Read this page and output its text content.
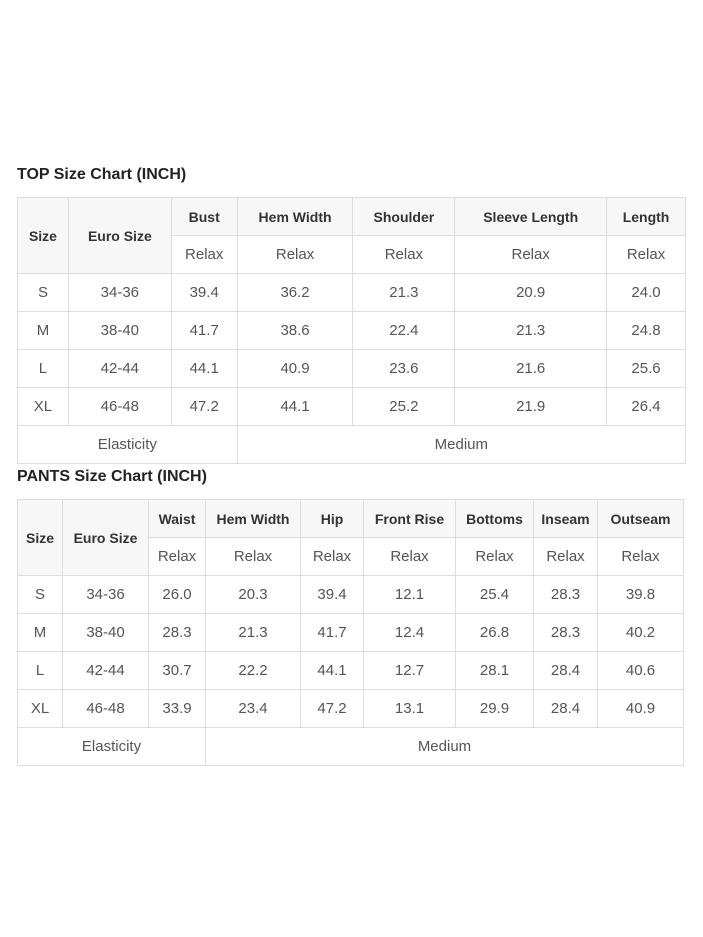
TOP Size Chart (INCH)
Size	Euro Size	Bust	Hem Width	Shoulder	Sleeve Length	Length
		Relax	Relax	Relax	Relax	Relax
S	34-36	39.4	36.2	21.3	20.9	24.0
M	38-40	41.7	38.6	22.4	21.3	24.8
L	42-44	44.1	40.9	23.6	21.6	25.6
XL	46-48	47.2	44.1	25.2	21.9	26.4
Elasticity			Medium			
PANTS Size Chart (INCH)
Size	Euro Size	Waist	Hem Width	Hip	Front Rise	Bottoms	Inseam	Outseam
		Relax	Relax	Relax	Relax	Relax	Relax	Relax
S	34-36	26.0	20.3	39.4	12.1	25.4	28.3	39.8
M	38-40	28.3	21.3	41.7	12.4	26.8	28.3	40.2
L	42-44	30.7	22.2	44.1	12.7	28.1	28.4	40.6
XL	46-48	33.9	23.4	47.2	13.1	29.9	28.4	40.9
Elasticity			Medium					
